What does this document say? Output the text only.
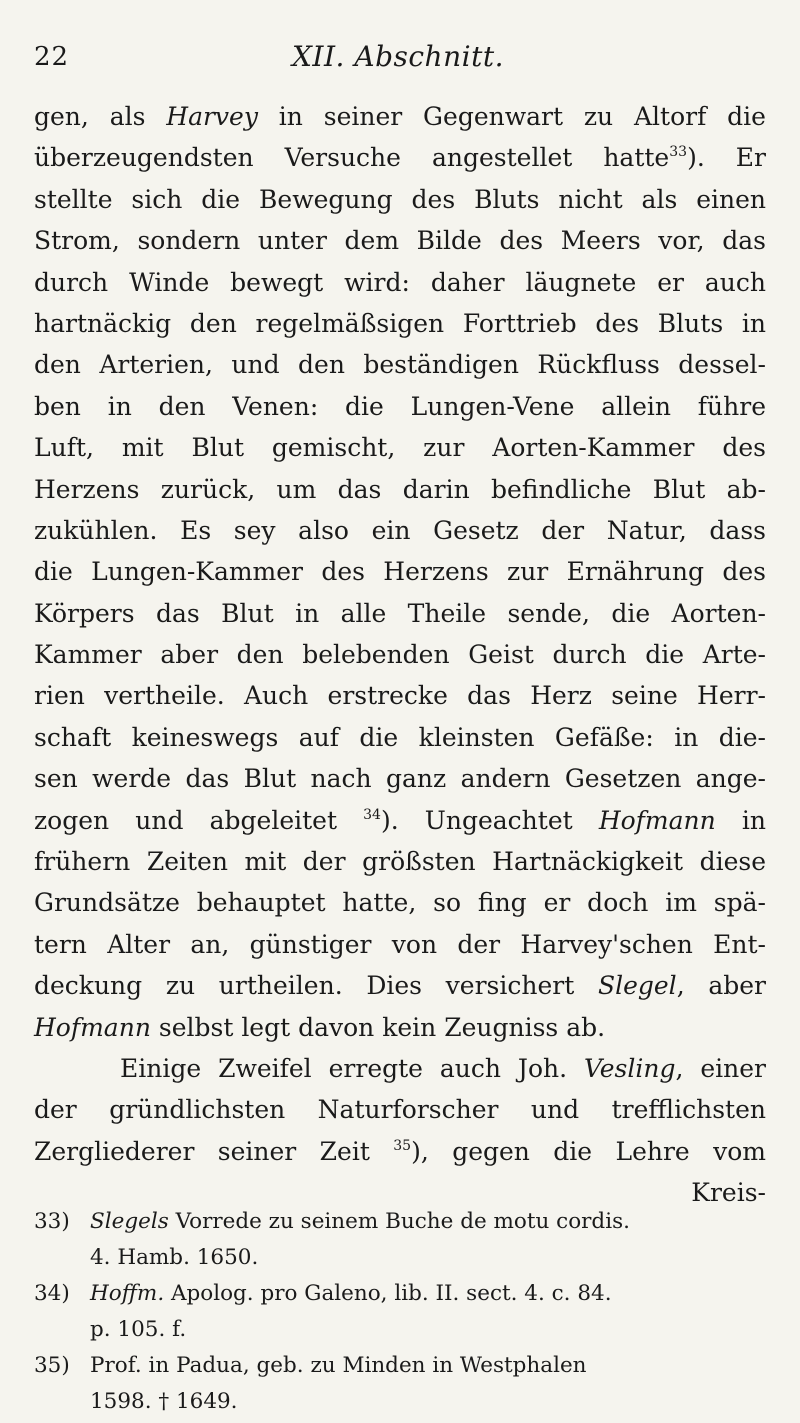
22	XII. Abschnitt.
gen, als Harvey in seiner Gegenwart zu Altorf die
überzeugendsten Versuche angestellet hatte$^{33}$). Er
stellte sich die Bewegung des Bluts nicht als einen
Strom, sondern unter dem Bilde des Meers vor, das
durch Winde bewegt wird: daher läugnete er auch
hartnäckig den regelmäßsigen Forttrieb des Bluts in
den Arterien, und den beständigen Rückfluss dessel-
ben in den Venen: die Lungen-Vene allein führe
Luft, mit Blut gemischt, zur Aorten-Kammer des
Herzens zurück, um das darin befindliche Blut ab-
zukühlen. Es sey also ein Gesetz der Natur, dass
die Lungen-Kammer des Herzens zur Ernährung des
Körpers das Blut in alle Theile sende, die Aorten-
Kammer aber den belebenden Geist durch die Arte-
rien vertheile. Auch erstrecke das Herz seine Herr-
schaft keineswegs auf die kleinsten Gefäße: in die-
sen werde das Blut nach ganz andern Gesetzen ange-
zogen und abgeleitet $^{34}$). Ungeachtet Hofmann in
frühern Zeiten mit der größsten Hartnäckigkeit diese
Grundsätze behauptet hatte, so fing er doch im spä-
tern Alter an, günstiger von der Harvey'schen Ent-
deckung zu urtheilen. Dies versichert Slegel, aber
Hofmann selbst legt davon kein Zeugniss ab.
Einige Zweifel erregte auch Joh. Vesling, einer
der gründlichsten Naturforscher und trefflichsten
Zergliederer seiner Zeit $^{35}$), gegen die Lehre vom
Kreis-
33) Slegels Vorrede zu seinem Buche de motu cordis.
4. Hamb. 1650.
34) Hoffm. Apolog. pro Galeno, lib. II. sect. 4. c. 84.
p. 105. f.
35) Prof. in Padua, geb. zu Minden in Westphalen
1598. † 1649.
